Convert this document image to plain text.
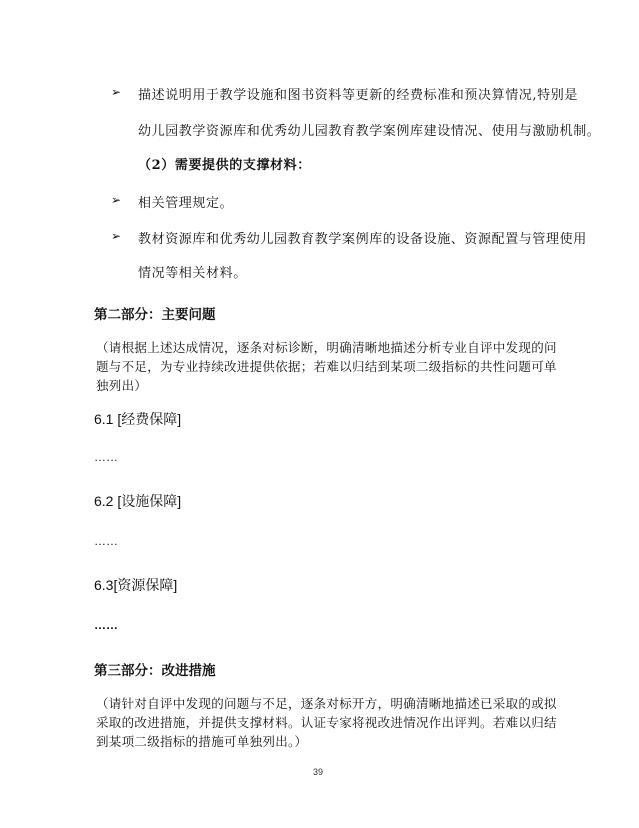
➢ 描述说明用于教学设施和图书资料等更新的经费标准和预决算情况,特别是
幼儿园教学资源库和优秀幼儿园教育教学案例库建设情况、使用与激励机制。
（2）需要提供的支撑材料：
➢ 相关管理规定。
➢ 教材资源库和优秀幼儿园教育教学案例库的设备设施、资源配置与管理使用
情况等相关材料。
第二部分：主要问题
（请根据上述达成情况，逐条对标诊断，明确清晰地描述分析专业自评中发现的问
题与不足，为专业持续改进提供依据；若难以归结到某项二级指标的共性问题可单
独列出）
6.1 [经费保障]
……
6.2 [设施保障]
……
6.3[资源保障]
……
第三部分：改进措施
（请针对自评中发现的问题与不足，逐条对标开方，明确清晰地描述已采取的或拟
采取的改进措施，并提供支撑材料。认证专家将视改进情况作出评判。若难以归结
到某项二级指标的措施可单独列出。）
39
